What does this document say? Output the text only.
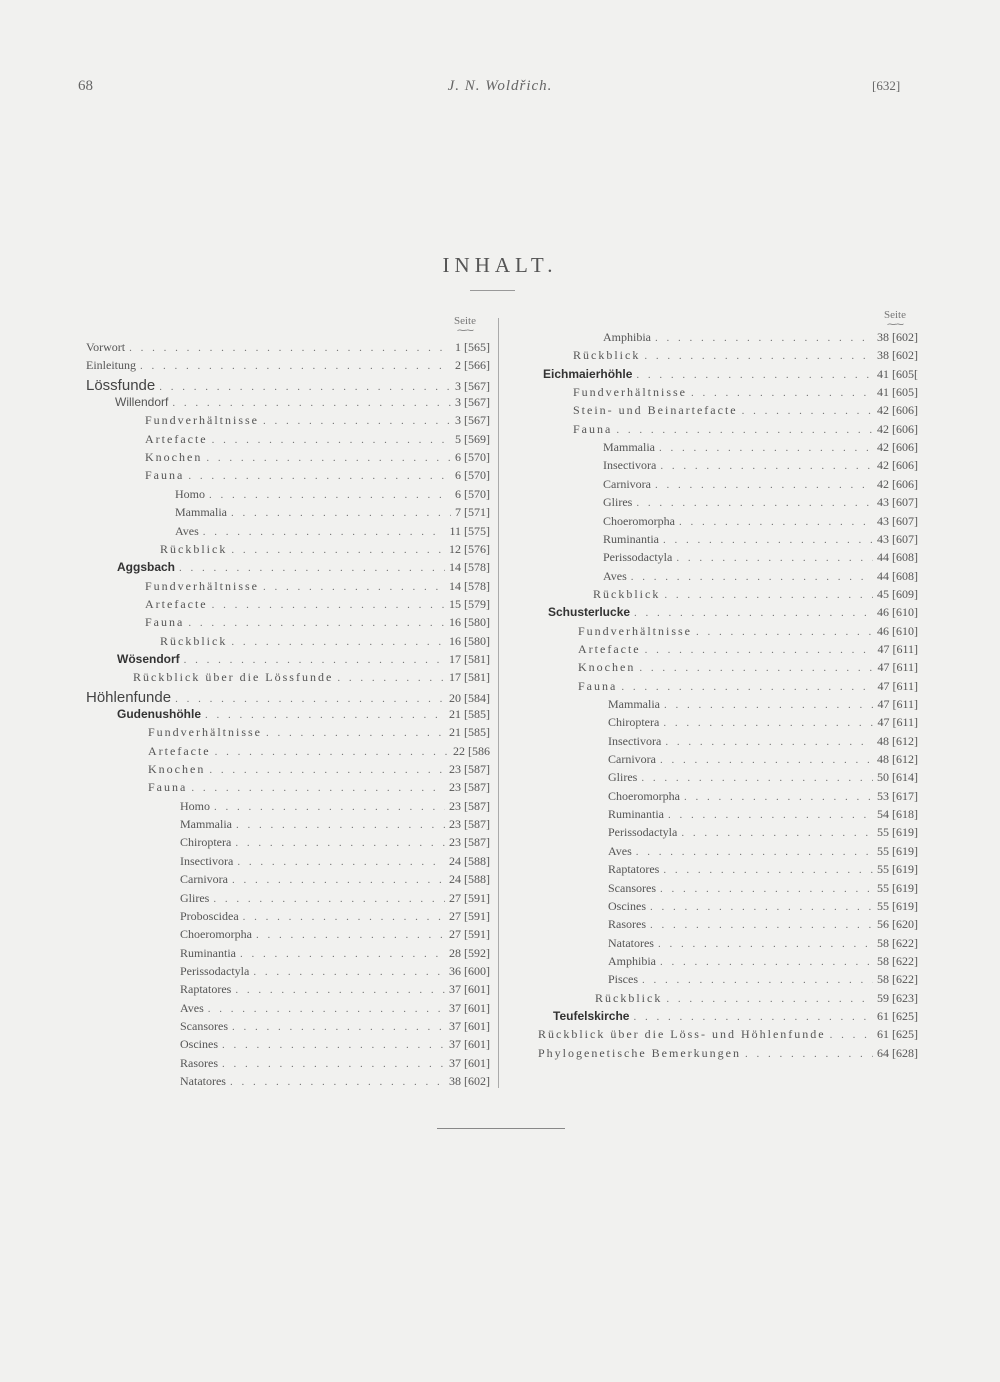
68	J. N. Woldřich.	[632]
INHALT.
Seite
⁓⁓
Seite
⁓⁓
Vorwort . . .	1 [565]
Einleitung . . .	2 [566]
Lössfunde . . .	3 [567]
Willendorf . . .	3 [567]
Fundverhältnisse . . .	3 [567]
Artefacte . . .	5 [569]
Knochen . . .	6 [570]
Fauna . . .	6 [570]
Homo . . .	6 [570]
Mammalia . . .	7 [571]
Aves . . .	11 [575]
Rückblick . . .	12 [576]
Aggsbach . . .	14 [578]
Fundverhältnisse . . .	14 [578]
Artefacte . . .	15 [579]
Fauna . . .	16 [580]
Rückblick . . .	16 [580]
Wösendorf . . .	17 [581]
Rückblick über die Lössfunde . . .	17 [581]
Höhlenfunde . . .	20 [584]
Gudenushöhle . . .	21 [585]
Fundverhältnisse . . .	21 [585]
Artefacte . . .	22 [586
Knochen . . .	23 [587]
Fauna . . .	23 [587]
Homo . . .	23 [587]
Mammalia . . .	23 [587]
Chiroptera . . .	23 [587]
Insectivora . . .	24 [588]
Carnivora . . .	24 [588]
Glires . . .	27 [591]
Proboscidea . . .	27 [591]
Choeromorpha . . .	27 [591]
Ruminantia . . .	28 [592]
Perissodactyla . . .	36 [600]
Raptatores . . .	37 [601]
Aves . . .	37 [601]
Scansores . . .	37 [601]
Oscines . . .	37 [601]
Rasores . . .	37 [601]
Natatores . . .	38 [602]
Amphibia . . .	38 [602]
Rückblick . . .	38 [602]
Eichmaierhöhle . . .	41 [605[
Fundverhältnisse . . .	41 [605]
Stein- und Beinartefacte . . .	42 [606]
Fauna . . .	42 [606]
Mammalia . . .	42 [606]
Insectivora . . .	42 [606]
Carnivora . . .	42 [606]
Glires . . .	43 [607]
Choeromorpha . . .	43 [607]
Ruminantia . . .	43 [607]
Perissodactyla . . .	44 [608]
Aves . . .	44 [608]
Rückblick . . .	45 [609]
Schusterlucke . . .	46 [610]
Fundverhältnisse . . .	46 [610]
Artefacte . . .	47 [611]
Knochen . . .	47 [611]
Fauna . . .	47 [611]
Mammalia . . .	47 [611]
Chiroptera . . .	47 [611]
Insectivora . . .	48 [612]
Carnivora . . .	48 [612]
Glires . . .	50 [614]
Choeromorpha . . .	53 [617]
Ruminantia . . .	54 [618]
Perissodactyla . . .	55 [619]
Aves . . .	55 [619]
Raptatores . . .	55 [619]
Scansores . . .	55 [619]
Oscines . . .	55 [619]
Rasores . . .	56 [620]
Natatores . . .	58 [622]
Amphibia . . .	58 [622]
Pisces . . .	58 [622]
Rückblick . . .	59 [623]
Teufelskirche . . .	61 [625]
Rückblick über die Löss- und Höhlenfunde . . .	61 [625]
Phylogenetische Bemerkungen . . .	64 [628]
